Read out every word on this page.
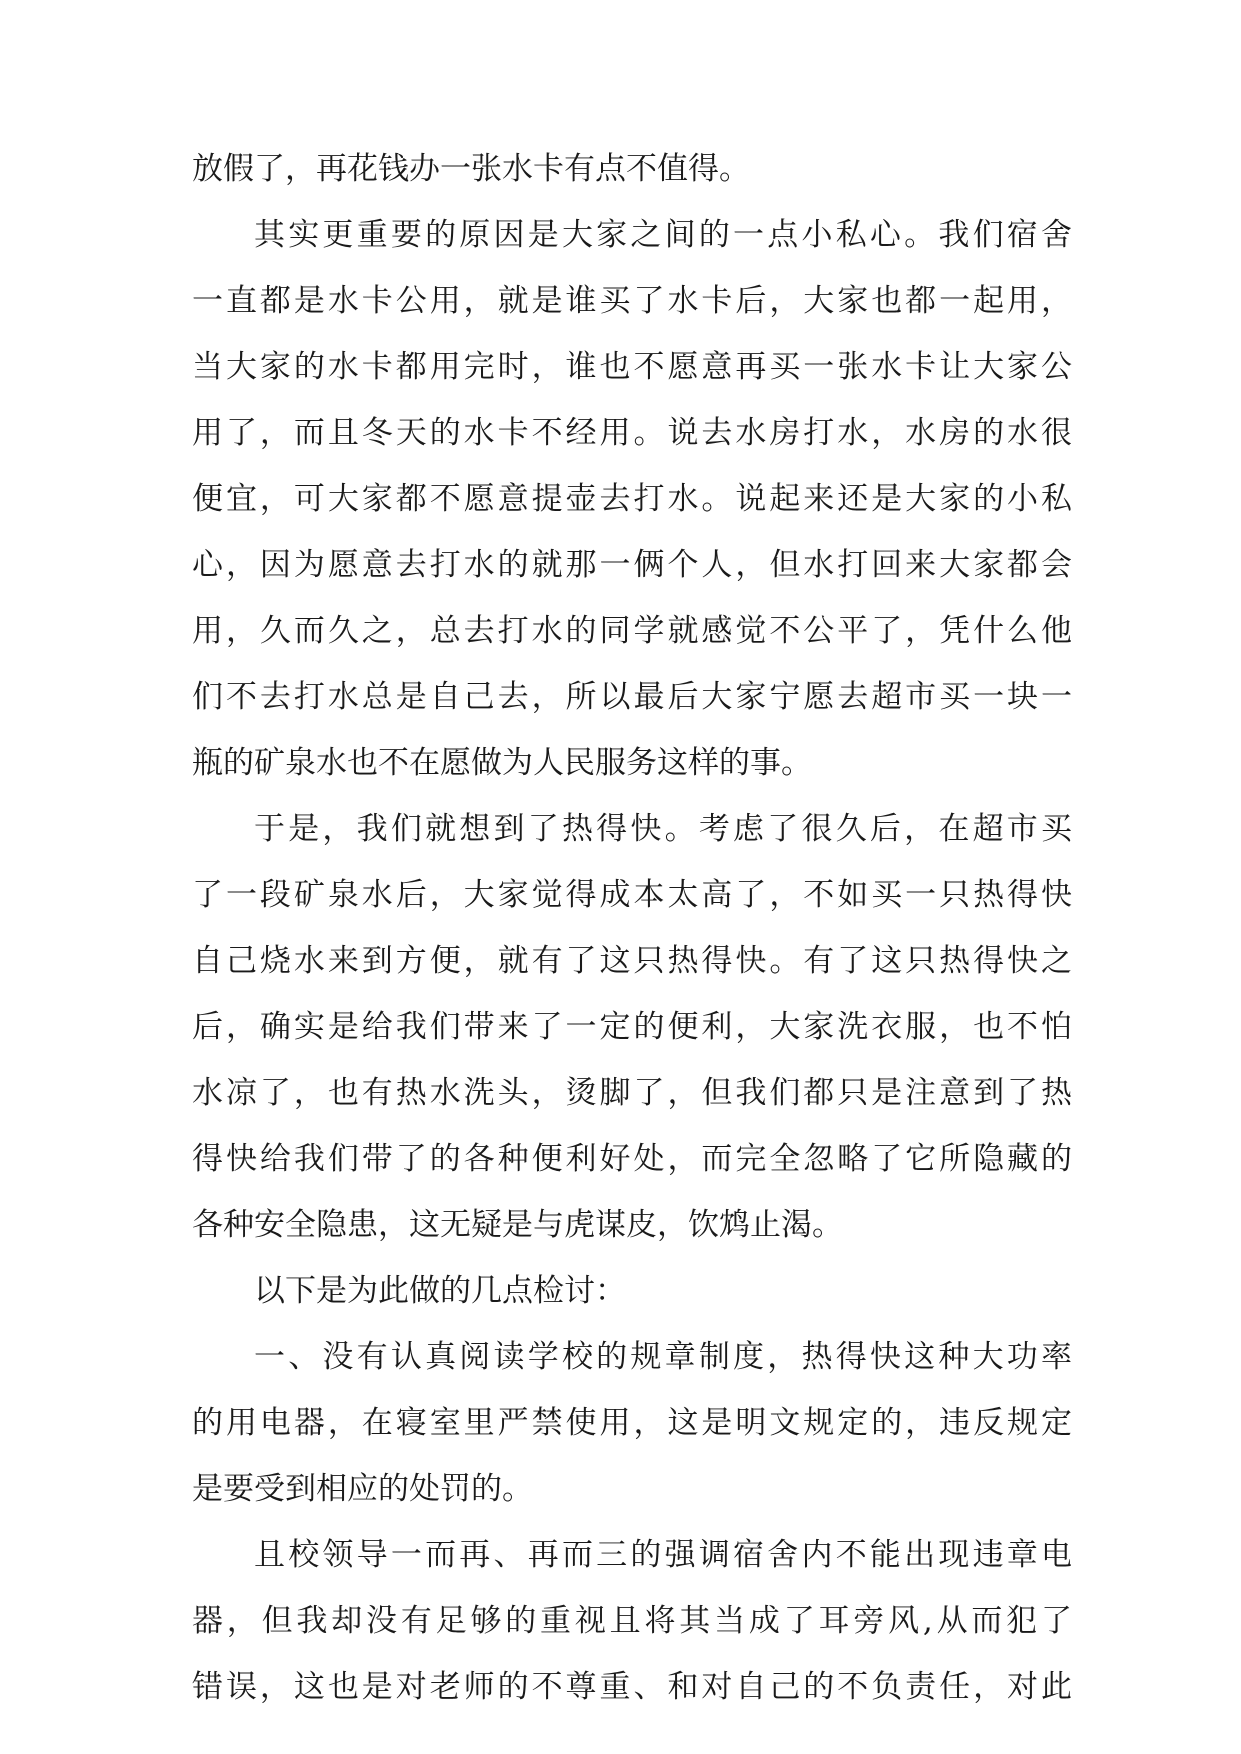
放假了，再花钱办一张水卡有点不值得。
其实更重要的原因是大家之间的一点小私心。我们宿舍
一直都是水卡公用，就是谁买了水卡后，大家也都一起用，
当大家的水卡都用完时，谁也不愿意再买一张水卡让大家公
用了，而且冬天的水卡不经用。说去水房打水，水房的水很
便宜，可大家都不愿意提壶去打水。说起来还是大家的小私
心，因为愿意去打水的就那一俩个人，但水打回来大家都会
用，久而久之，总去打水的同学就感觉不公平了，凭什么他
们不去打水总是自己去，所以最后大家宁愿去超市买一块一
瓶的矿泉水也不在愿做为人民服务这样的事。
于是，我们就想到了热得快。考虑了很久后，在超市买
了一段矿泉水后，大家觉得成本太高了，不如买一只热得快
自己烧水来到方便，就有了这只热得快。有了这只热得快之
后，确实是给我们带来了一定的便利，大家洗衣服，也不怕
水凉了，也有热水洗头，烫脚了，但我们都只是注意到了热
得快给我们带了的各种便利好处，而完全忽略了它所隐藏的
各种安全隐患，这无疑是与虎谋皮，饮鸩止渴。
以下是为此做的几点检讨：
一、没有认真阅读学校的规章制度，热得快这种大功率
的用电器，在寝室里严禁使用，这是明文规定的，违反规定
是要受到相应的处罚的。
且校领导一而再、再而三的强调宿舍内不能出现违章电
器，但我却没有足够的重视且将其当成了耳旁风,从而犯了
错误，这也是对老师的不尊重、和对自己的不负责任，对此
